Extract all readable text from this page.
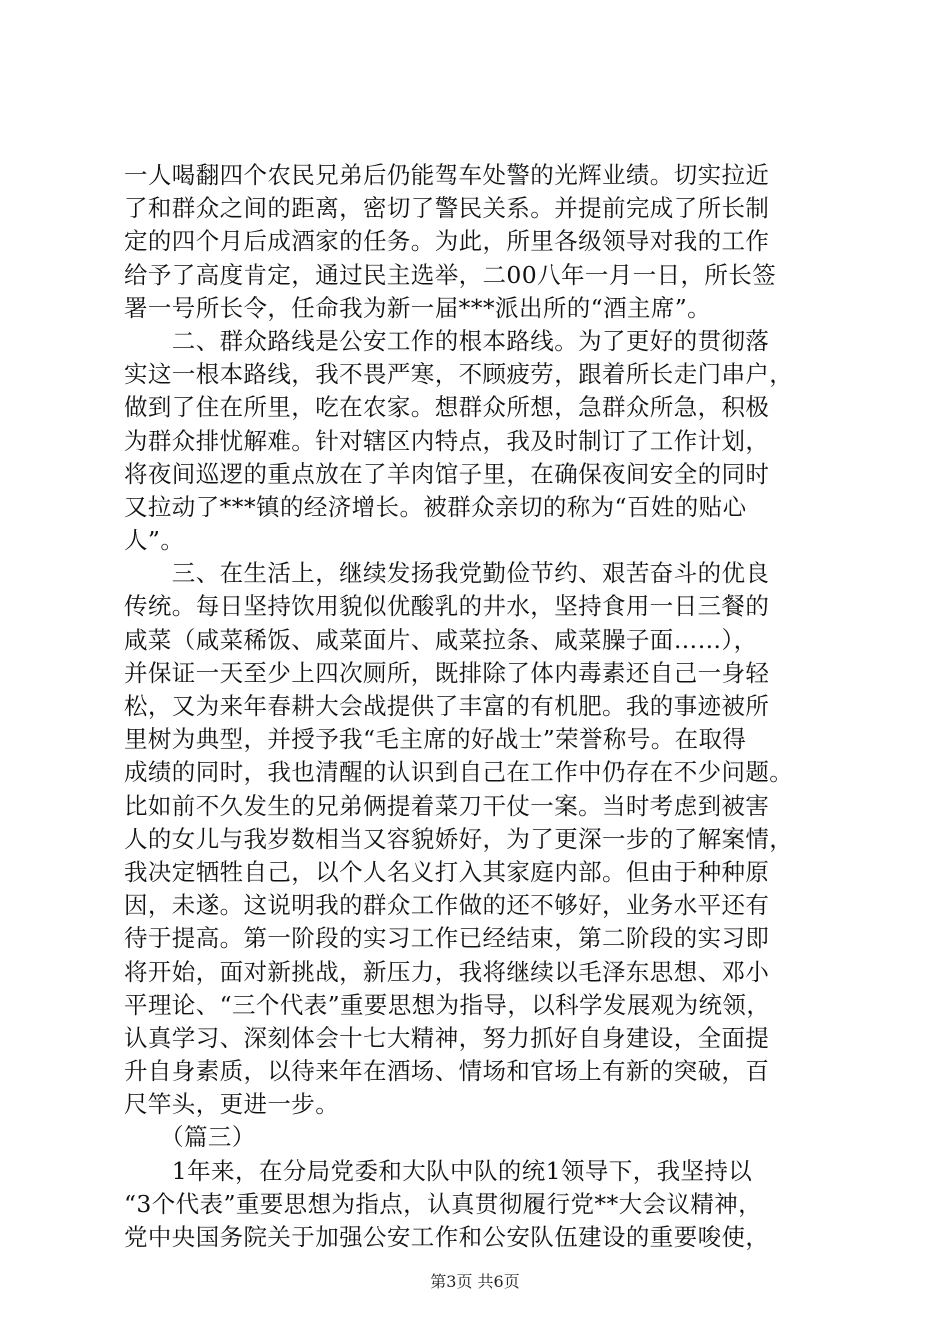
一人喝翻四个农民兄弟后仍能驾车处警的光辉业绩。切实拉近
了和群众之间的距离，密切了警民关系。并提前完成了所长制
定的四个月后成酒家的任务。为此，所里各级领导对我的工作
给予了高度肯定，通过民主选举，二00八年一月一日，所长签
署一号所长令，任命我为新一届***派出所的“酒主席”。
　　二、群众路线是公安工作的根本路线。为了更好的贯彻落
实这一根本路线，我不畏严寒，不顾疲劳，跟着所长走门串户，
做到了住在所里，吃在农家。想群众所想，急群众所急，积极
为群众排忧解难。针对辖区内特点，我及时制订了工作计划，
将夜间巡逻的重点放在了羊肉馆子里，在确保夜间安全的同时
又拉动了***镇的经济增长。被群众亲切的称为“百姓的贴心
人”。
　　三、在生活上，继续发扬我党勤俭节约、艰苦奋斗的优良
传统。每日坚持饮用貌似优酸乳的井水，坚持食用一日三餐的
咸菜（咸菜稀饭、咸菜面片、咸菜拉条、咸菜臊子面……），
并保证一天至少上四次厕所，既排除了体内毒素还自己一身轻
松，又为来年春耕大会战提供了丰富的有机肥。我的事迹被所
里树为典型，并授予我“毛主席的好战士”荣誉称号。在取得
成绩的同时，我也清醒的认识到自己在工作中仍存在不少问题。
比如前不久发生的兄弟俩提着菜刀干仗一案。当时考虑到被害
人的女儿与我岁数相当又容貌娇好，为了更深一步的了解案情，
我决定牺牲自己，以个人名义打入其家庭内部。但由于种种原
因，未遂。这说明我的群众工作做的还不够好，业务水平还有
待于提高。第一阶段的实习工作已经结束，第二阶段的实习即
将开始，面对新挑战，新压力，我将继续以毛泽东思想、邓小
平理论、“三个代表”重要思想为指导，以科学发展观为统领，
认真学习、深刻体会十七大精神，努力抓好自身建设，全面提
升自身素质，以待来年在酒场、情场和官场上有新的突破，百
尺竿头，更进一步。
　　（篇三）
　　1年来，在分局党委和大队中队的统1领导下，我坚持以
“3个代表”重要思想为指点，认真贯彻履行党**大会议精神，
党中央国务院关于加强公安工作和公安队伍建设的重要唆使，
第3页 共6页
